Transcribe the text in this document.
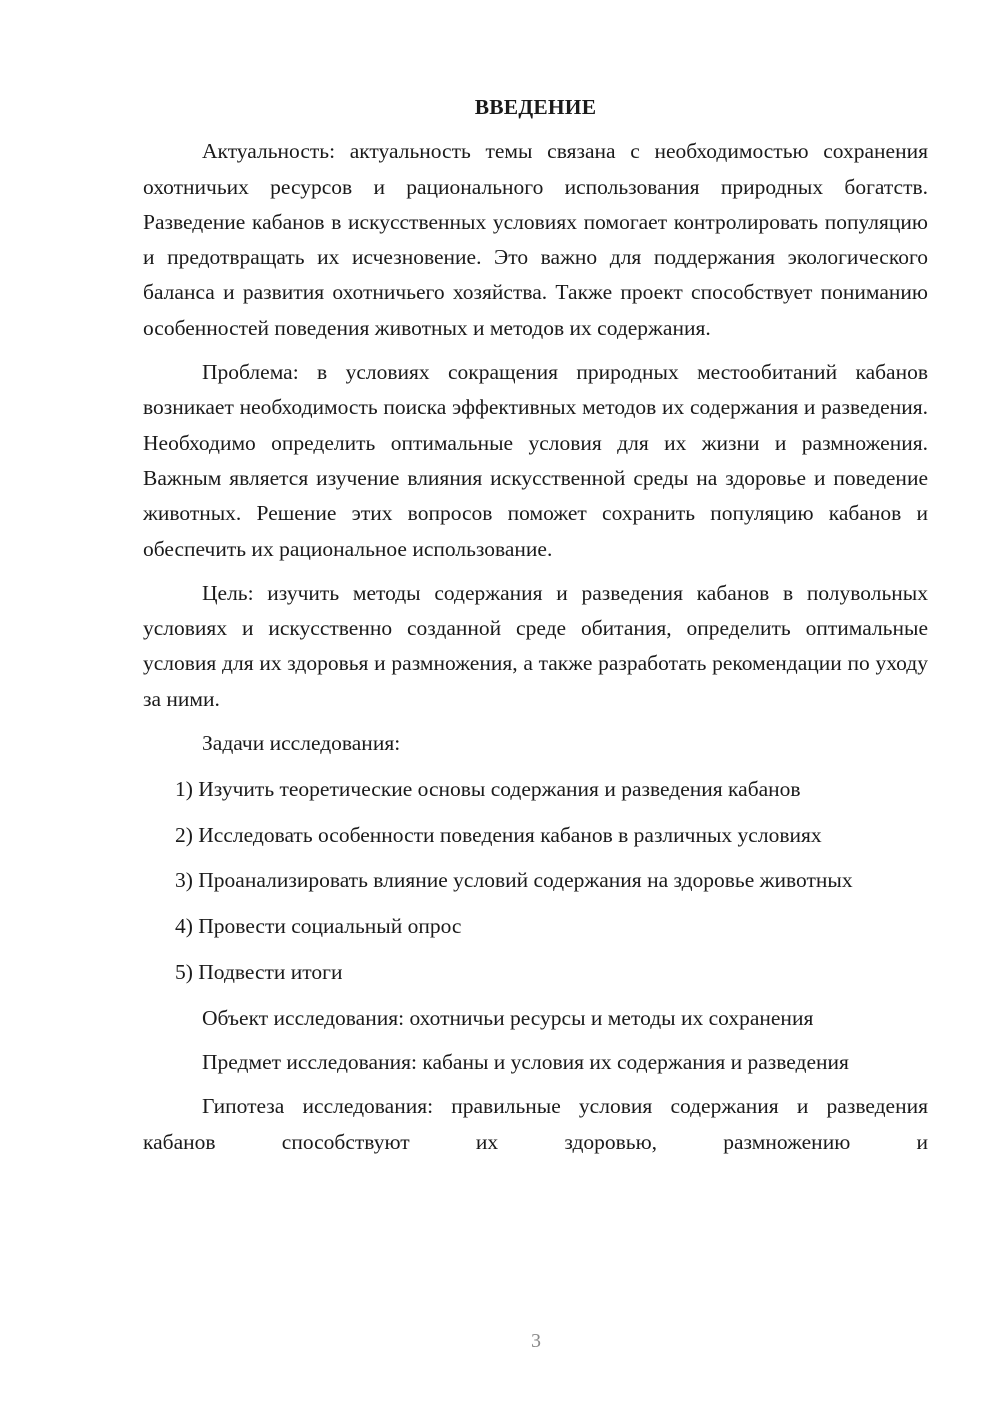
ВВЕДЕНИЕ
Актуальность: актуальность темы связана с необходимостью сохранения охотничьих ресурсов и рационального использования природных богатств. Разведение кабанов в искусственных условиях помогает контролировать популяцию и предотвращать их исчезновение. Это важно для поддержания экологического баланса и развития охотничьего хозяйства. Также проект способствует пониманию особенностей поведения животных и методов их содержания.
Проблема: в условиях сокращения природных местообитаний кабанов возникает необходимость поиска эффективных методов их содержания и разведения. Необходимо определить оптимальные условия для их жизни и размножения. Важным является изучение влияния искусственной среды на здоровье и поведение животных. Решение этих вопросов поможет сохранить популяцию кабанов и обеспечить их рациональное использование.
Цель: изучить методы содержания и разведения кабанов в полувольных условиях и искусственно созданной среде обитания, определить оптимальные условия для их здоровья и размножения, а также разработать рекомендации по уходу за ними.
Задачи исследования:
1) Изучить теоретические основы содержания и разведения кабанов
2) Исследовать особенности поведения кабанов в различных условиях
3) Проанализировать влияние условий содержания на здоровье животных
4) Провести социальный опрос
5) Подвести итоги
Объект исследования: охотничьи ресурсы и методы их сохранения
Предмет исследования: кабаны и условия их содержания и разведения
Гипотеза исследования: правильные условия содержания и разведения кабанов способствуют их здоровью, размножению и
3
